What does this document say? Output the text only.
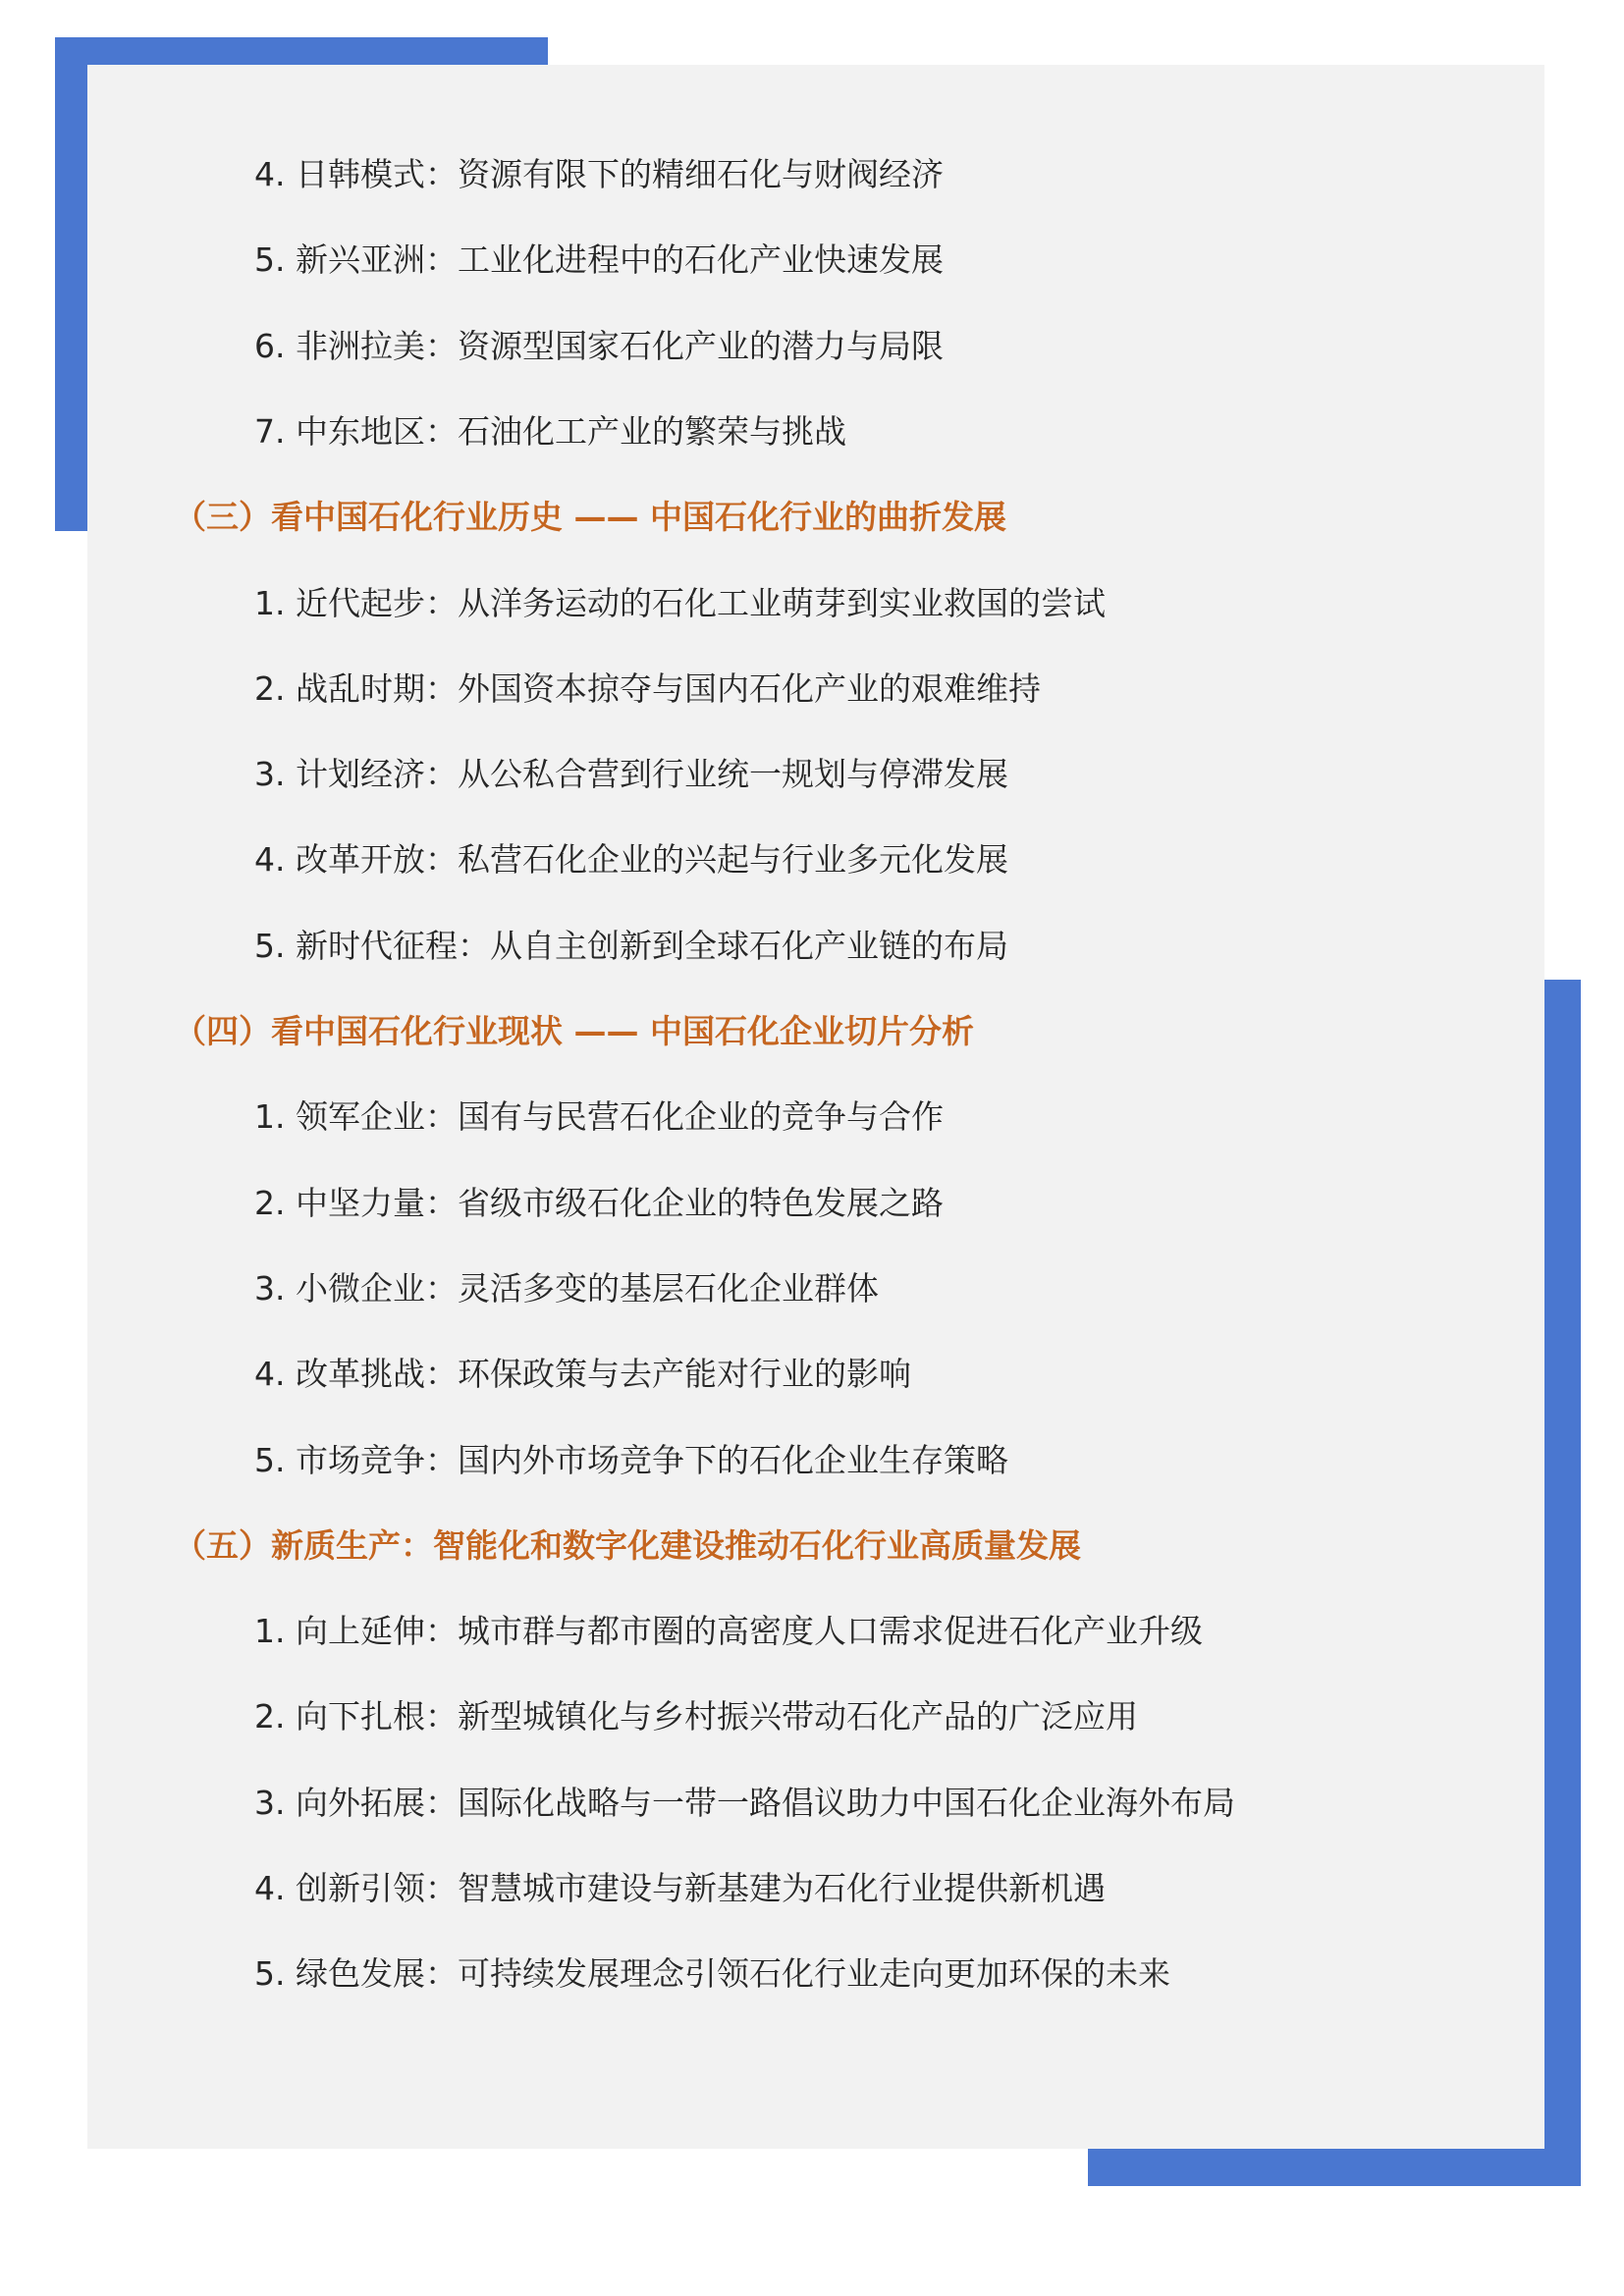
4. 日韩模式：资源有限下的精细石化与财阀经济
5. 新兴亚洲：工业化进程中的石化产业快速发展
6. 非洲拉美：资源型国家石化产业的潜力与局限
7. 中东地区：石油化工产业的繁荣与挑战
（三）看中国石化行业历史 —— 中国石化行业的曲折发展
1. 近代起步：从洋务运动的石化工业萌芽到实业救国的尝试
2. 战乱时期：外国资本掠夺与国内石化产业的艰难维持
3. 计划经济：从公私合营到行业统一规划与停滞发展
4. 改革开放：私营石化企业的兴起与行业多元化发展
5. 新时代征程：从自主创新到全球石化产业链的布局
（四）看中国石化行业现状 —— 中国石化企业切片分析
1. 领军企业：国有与民营石化企业的竞争与合作
2. 中坚力量：省级市级石化企业的特色发展之路
3. 小微企业：灵活多变的基层石化企业群体
4. 改革挑战：环保政策与去产能对行业的影响
5. 市场竞争：国内外市场竞争下的石化企业生存策略
（五）新质生产：智能化和数字化建设推动石化行业高质量发展
1. 向上延伸：城市群与都市圈的高密度人口需求促进石化产业升级
2. 向下扎根：新型城镇化与乡村振兴带动石化产品的广泛应用
3. 向外拓展：国际化战略与一带一路倡议助力中国石化企业海外布局
4. 创新引领：智慧城市建设与新基建为石化行业提供新机遇
5. 绿色发展：可持续发展理念引领石化行业走向更加环保的未来
